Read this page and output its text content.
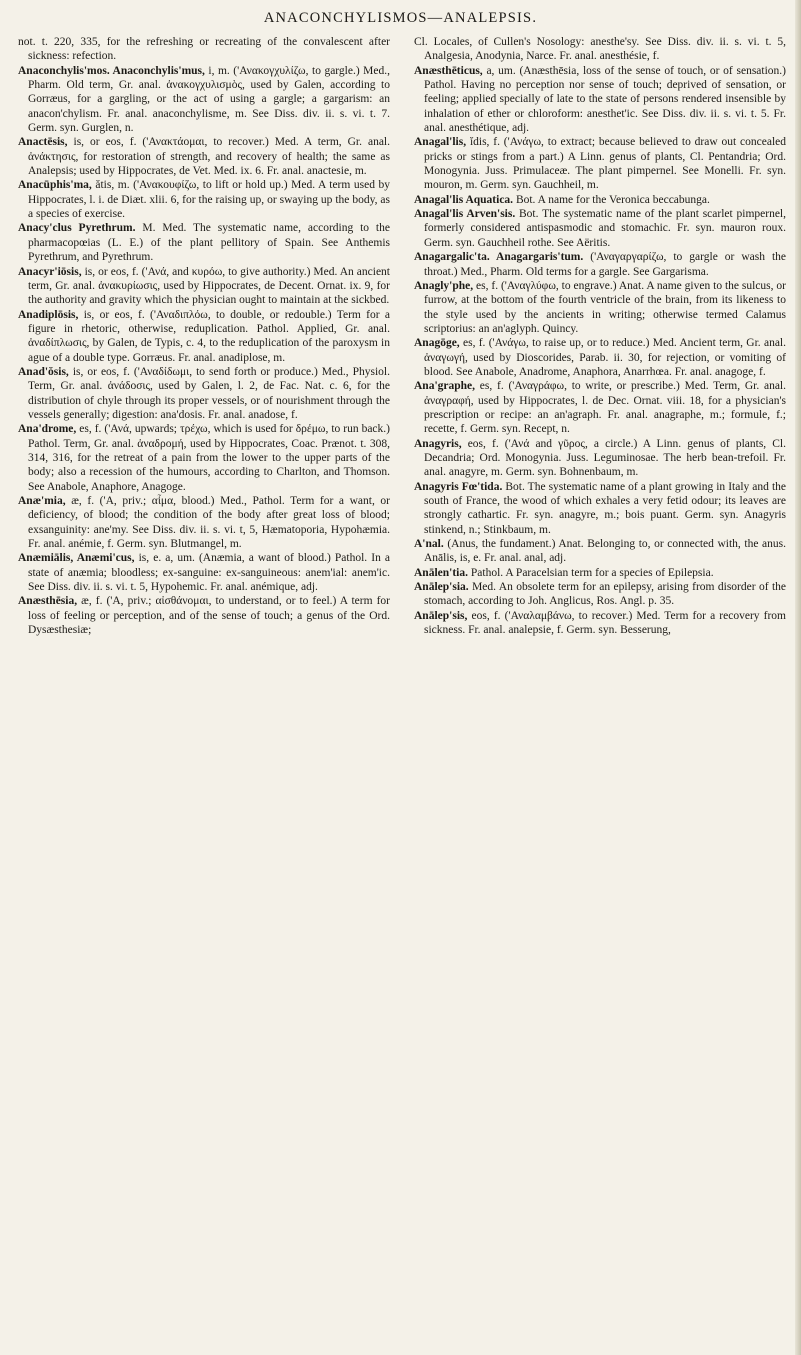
ANACONCHYLISMOS—ANALEPSIS.

not. t. 220, 335, for the refreshing or recreating of the convalescent after sickness: refection.

Anaconchylis'mos. Anaconchylis'mus, i, m. ('Ανακογχυλίζω, to gargle.) Med., Pharm. Old term, Gr. anal. ἀνακογχυλισμὸς, used by Galen, according to Gorræus, for a gargling, or the act of using a gargle; a gargarism: an anacon'chylism. Fr. anal. anaconchylisme, m. See Diss. div. ii. s. vi. t. 7. Germ. syn. Gurglen, n.

Anactēsis, is, or eos, f. ('Ανακτάομαι, to recover.) Med. A term, Gr. anal. ἀνάκτησις, for restoration of strength, and recovery of health; the same as Analepsis; used by Hippocrates, de Vet. Med. ix. 6. Fr. anal. anactesie, m.

Anacūphis'ma, ătis, m. ('Ανακουφίζω, to lift or hold up.) Med. A term used by Hippocrates, l. i. de Diæt. xlii. 6, for the raising up, or swaying up the body, as a species of exercise.

Anacy'clus Pyrethrum. M. Med. The systematic name, according to the pharmacopœias (L. E.) of the plant pellitory of Spain. See Anthemis Pyrethrum, and Pyrethrum.

Anacyr'iōsis, is, or eos, f. ('Ανά, and κυρόω, to give authority.) Med. An ancient term, Gr. anal. ἀνακυρίωσις, used by Hippocrates, de Decent. Ornat. ix. 9, for the authority and gravity which the physician ought to maintain at the sickbed.

Anadiplōsis, is, or eos, f. ('Αναδιπλόω, to double, or redouble.) Term for a figure in rhetoric, otherwise, reduplication. Pathol. Applied, Gr. anal. ἀναδίπλωσις, by Galen, de Typis, c. 4, to the reduplication of the paroxysm in ague of a double type. Gorræus. Fr. anal. anadiplose, m.

Anad'ŏsis, is, or eos, f. ('Αναδίδωμι, to send forth or produce.) Med., Physiol. Term, Gr. anal. ἀνάδοσις, used by Galen, l. 2, de Fac. Nat. c. 6, for the distribution of chyle through its proper vessels, or of nourishment through the vessels generally; digestion: ana'dosis. Fr. anal. anadose, f.

Ana'drome, es, f. ('Ανά, upwards; τρέχω, which is used for δρέμω, to run back.) Pathol. Term, Gr. anal. ἀναδρομή, used by Hippocrates, Coac. Prænot. t. 308, 314, 316, for the retreat of a pain from the lower to the upper parts of the body; also a recession of the humours, according to Charlton, and Thomson. See Anabole, Anaphore, Anagoge.

Anæ'mia, æ, f. ('A, priv.; αἷμα, blood.) Med., Pathol. Term for a want, or deficiency, of blood; the condition of the body after great loss of blood; exsanguinity: ane'my. See Diss. div. ii. s. vi. t, 5, Hæmatoporia, Hypohæmia. Fr. anal. anémie, f. Germ. syn. Blutmangel, m.

Anæmiālis, Anæmi'cus, is, e. a, um. (Anæmia, a want of blood.) Pathol. In a state of anæmia; bloodless; ex-sanguine: ex-sanguineous: anem'ial: anem'ic. See Diss. div. ii. s. vi. t. 5, Hypohemic. Fr. anal. anémique, adj.

Anæsthēsia, æ, f. ('A, priv.; αἰσθάνομαι, to understand, or to feel.) A term for loss of feeling or perception, and of the sense of touch; a genus of the Ord. Dysæsthesiæ;

Cl. Locales, of Cullen's Nosology: anesthe'sy. See Diss. div. ii. s. vi. t. 5, Analgesia, Anodynia, Narce. Fr. anal. anesthésie, f.

Anæsthēticus, a, um. (Anæsthēsia, loss of the sense of touch, or of sensation.) Pathol. Having no perception nor sense of touch; deprived of sensation, or feeling; applied specially of late to the state of persons rendered insensible by inhalation of ether or chloroform: anesthet'ic. See Diss. div. ii. s. vi. t. 5. Fr. anal. anesthétique, adj.

Anagal'lis, ĭdis, f. ('Ανάγω, to extract; because believed to draw out concealed pricks or stings from a part.) A Linn. genus of plants, Cl. Pentandria; Ord. Monogynia. Juss. Primulaceæ. The plant pimpernel. See Monelli. Fr. syn. mouron, m. Germ. syn. Gauchheil, m.

Anagal'lis Aquatica. Bot. A name for the Veronica beccabunga.

Anagal'lis Arven'sis. Bot. The systematic name of the plant scarlet pimpernel, formerly considered antispasmodic and stomachic. Fr. syn. mauron roux. Germ. syn. Gauchheil rothe. See Aëritis.

Anagargalic'ta. Anagargaris'tum. ('Αναγαργαρίζω, to gargle or wash the throat.) Med., Pharm. Old terms for a gargle. See Gargarisma.

Anagly'phe, es, f. ('Αναγλύφω, to engrave.) Anat. A name given to the sulcus, or furrow, at the bottom of the fourth ventricle of the brain, from its likeness to the style used by the ancients in writing; otherwise termed Calamus scriptorius: an an'aglyph. Quincy.

Anagōge, es, f. ('Ανάγω, to raise up, or to reduce.) Med. Ancient term, Gr. anal. ἀναγωγή, used by Dioscorides, Parab. ii. 30, for rejection, or vomiting of blood. See Anabole, Anadrome, Anaphora, Anarrhœa. Fr. anal. anagoge, f.

Ana'graphe, es, f. ('Αναγράφω, to write, or prescribe.) Med. Term, Gr. anal. ἀναγραφή, used by Hippocrates, l. de Dec. Ornat. viii. 18, for a physician's prescription or recipe: an an'agraph. Fr. anal. anagraphe, m.; formule, f.; recette, f. Germ. syn. Recept, n.

Anagyris, eos, f. ('Ανά and γῦρος, a circle.) A Linn. genus of plants, Cl. Decandria; Ord. Monogynia. Juss. Leguminosae. The herb bean-trefoil. Fr. anal. anagyre, m. Germ. syn. Bohnenbaum, m.

Anagyris Fœ'tida. Bot. The systematic name of a plant growing in Italy and the south of France, the wood of which exhales a very fetid odour; its leaves are strongly cathartic. Fr. syn. anagyre, m.; bois puant. Germ. syn. Anagyris stinkend, n.; Stinkbaum, m.

A'nal. (Anus, the fundament.) Anat. Belonging to, or connected with, the anus. Anālis, is, e. Fr. anal. anal, adj.

Anālen'tia. Pathol. A Paracelsian term for a species of Epilepsia.

Anālep'sia. Med. An obsolete term for an epilepsy, arising from disorder of the stomach, according to Joh. Anglicus, Ros. Angl. p. 35.

Anālep'sis, eos, f. ('Αναλαμβάνω, to recover.) Med. Term for a recovery from sickness. Fr. anal. analepsie, f. Germ. syn. Besserung,
